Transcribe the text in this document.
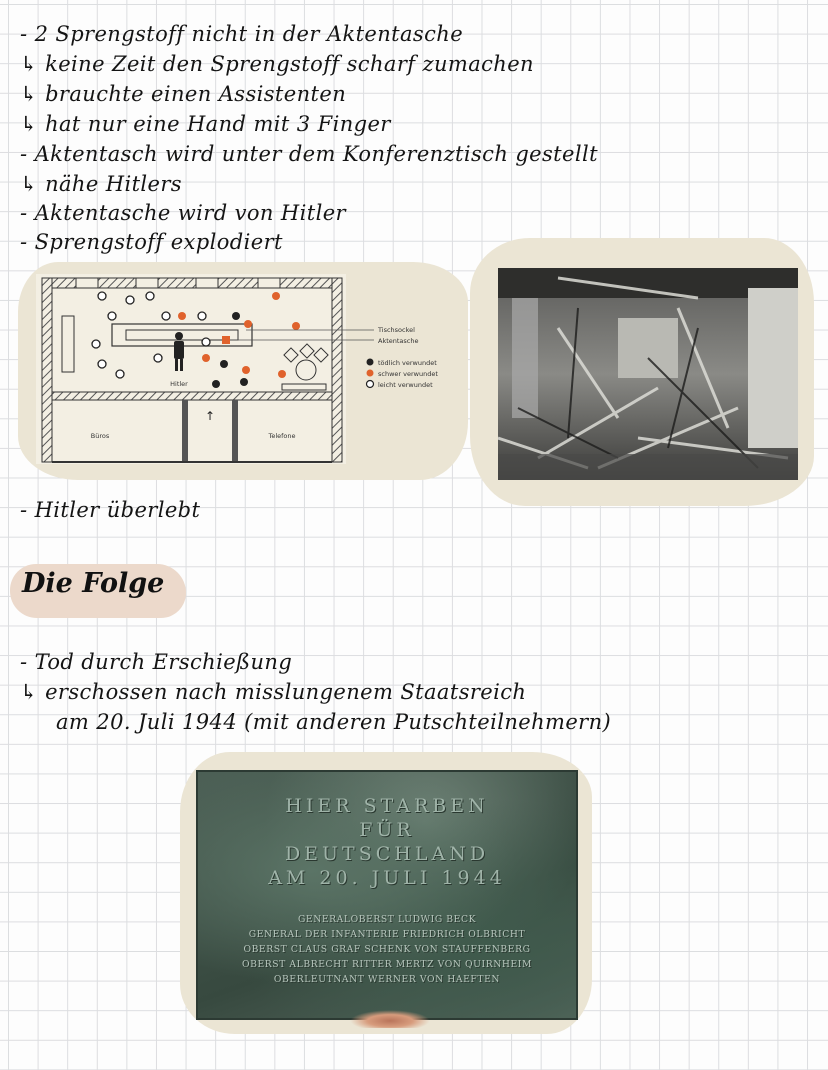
- 2 Sprengstoff nicht in der Aktentasche
↳ keine Zeit den Sprengstoff scharf zumachen
↳ brauchte einen Assistenten
↳ hat nur eine Hand mit 3 Finger
- Aktentasch wird unter dem Konferenztisch gestellt
↳ nähe Hitlers
- Aktentasche wird von Hitler
- Sprengstoff explodiert
Hitler
↑
Büros	Telefone
Tischsockel
Aktentasche
tödlich verwundet
schwer verwundet
leicht verwundet
- Hitler überlebt
Die Folge
- Tod durch Erschießung
↳ erschossen nach misslungenem Staatsreich
am 20. Juli 1944 (mit anderen Putschteilnehmern)
HIER STARBEN
FÜR
DEUTSCHLAND
AM 20. JULI 1944
GENERALOBERST LUDWIG BECK
GENERAL DER INFANTERIE FRIEDRICH OLBRICHT
OBERST CLAUS GRAF SCHENK VON STAUFFENBERG
OBERST ALBRECHT RITTER MERTZ VON QUIRNHEIM
OBERLEUTNANT WERNER VON HAEFTEN
